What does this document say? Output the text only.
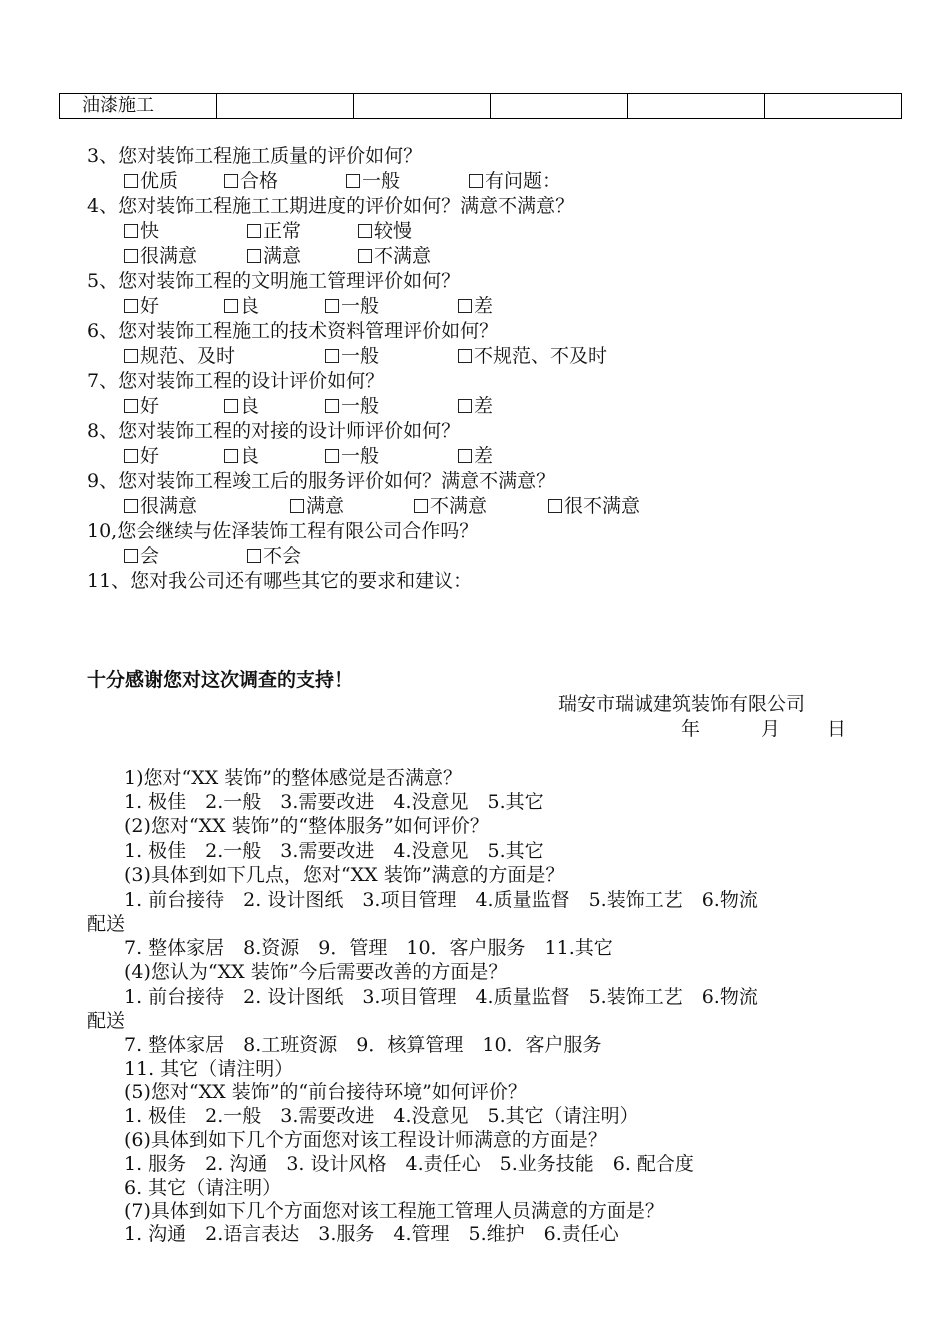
油漆施工					
3、您对装饰工程施工质量的评价如何？
优质	合格	一般	有问题：
4、您对装饰工程施工工期进度的评价如何？满意不满意？
快	正常	较慢
很满意	满意	不满意
5、您对装饰工程的文明施工管理评价如何？
好	良	一般	差
6、您对装饰工程施工的技术资料管理评价如何？
规范、及时	一般	不规范、不及时
7、您对装饰工程的设计评价如何？
好	良	一般	差
8、您对装饰工程的对接的设计师评价如何？
好	良	一般	差
9、您对装饰工程竣工后的服务评价如何？满意不满意？
很满意	满意	不满意	很不满意
10,您会继续与佐泽装饰工程有限公司合作吗？
会	不会
11、您对我公司还有哪些其它的要求和建议：
十分感谢您对这次调查的支持！
瑞安市瑞诚建筑装饰有限公司
年	月 日
1)您对“XX 装饰”的整体感觉是否满意？
1. 极佳　2.一般　3.需要改进　4.没意见　5.其它
(2)您对“XX 装饰”的“整体服务”如何评价？
1. 极佳　2.一般　3.需要改进　4.没意见　5.其它
(3)具体到如下几点，您对“XX 装饰”满意的方面是？
1. 前台接待　2. 设计图纸　3.项目管理　4.质量监督　5.装饰工艺　6.物流
配送
7. 整体家居　8.资源　9．管理　10．客户服务　11.其它
(4)您认为“XX 装饰”今后需要改善的方面是？
1. 前台接待　2. 设计图纸　3.项目管理　4.质量监督　5.装饰工艺　6.物流
配送
7. 整体家居　8.工班资源　9．核算管理　10．客户服务
11. 其它（请注明）
(5)您对“XX 装饰”的“前台接待环境”如何评价？
1. 极佳　2.一般　3.需要改进　4.没意见　5.其它（请注明）
(6)具体到如下几个方面您对该工程设计师满意的方面是？
1. 服务　2. 沟通　3. 设计风格　4.责任心　5.业务技能　6. 配合度
6. 其它（请注明）
(7)具体到如下几个方面您对该工程施工管理人员满意的方面是？
1. 沟通　2.语言表达　3.服务　4.管理　5.维护　6.责任心
